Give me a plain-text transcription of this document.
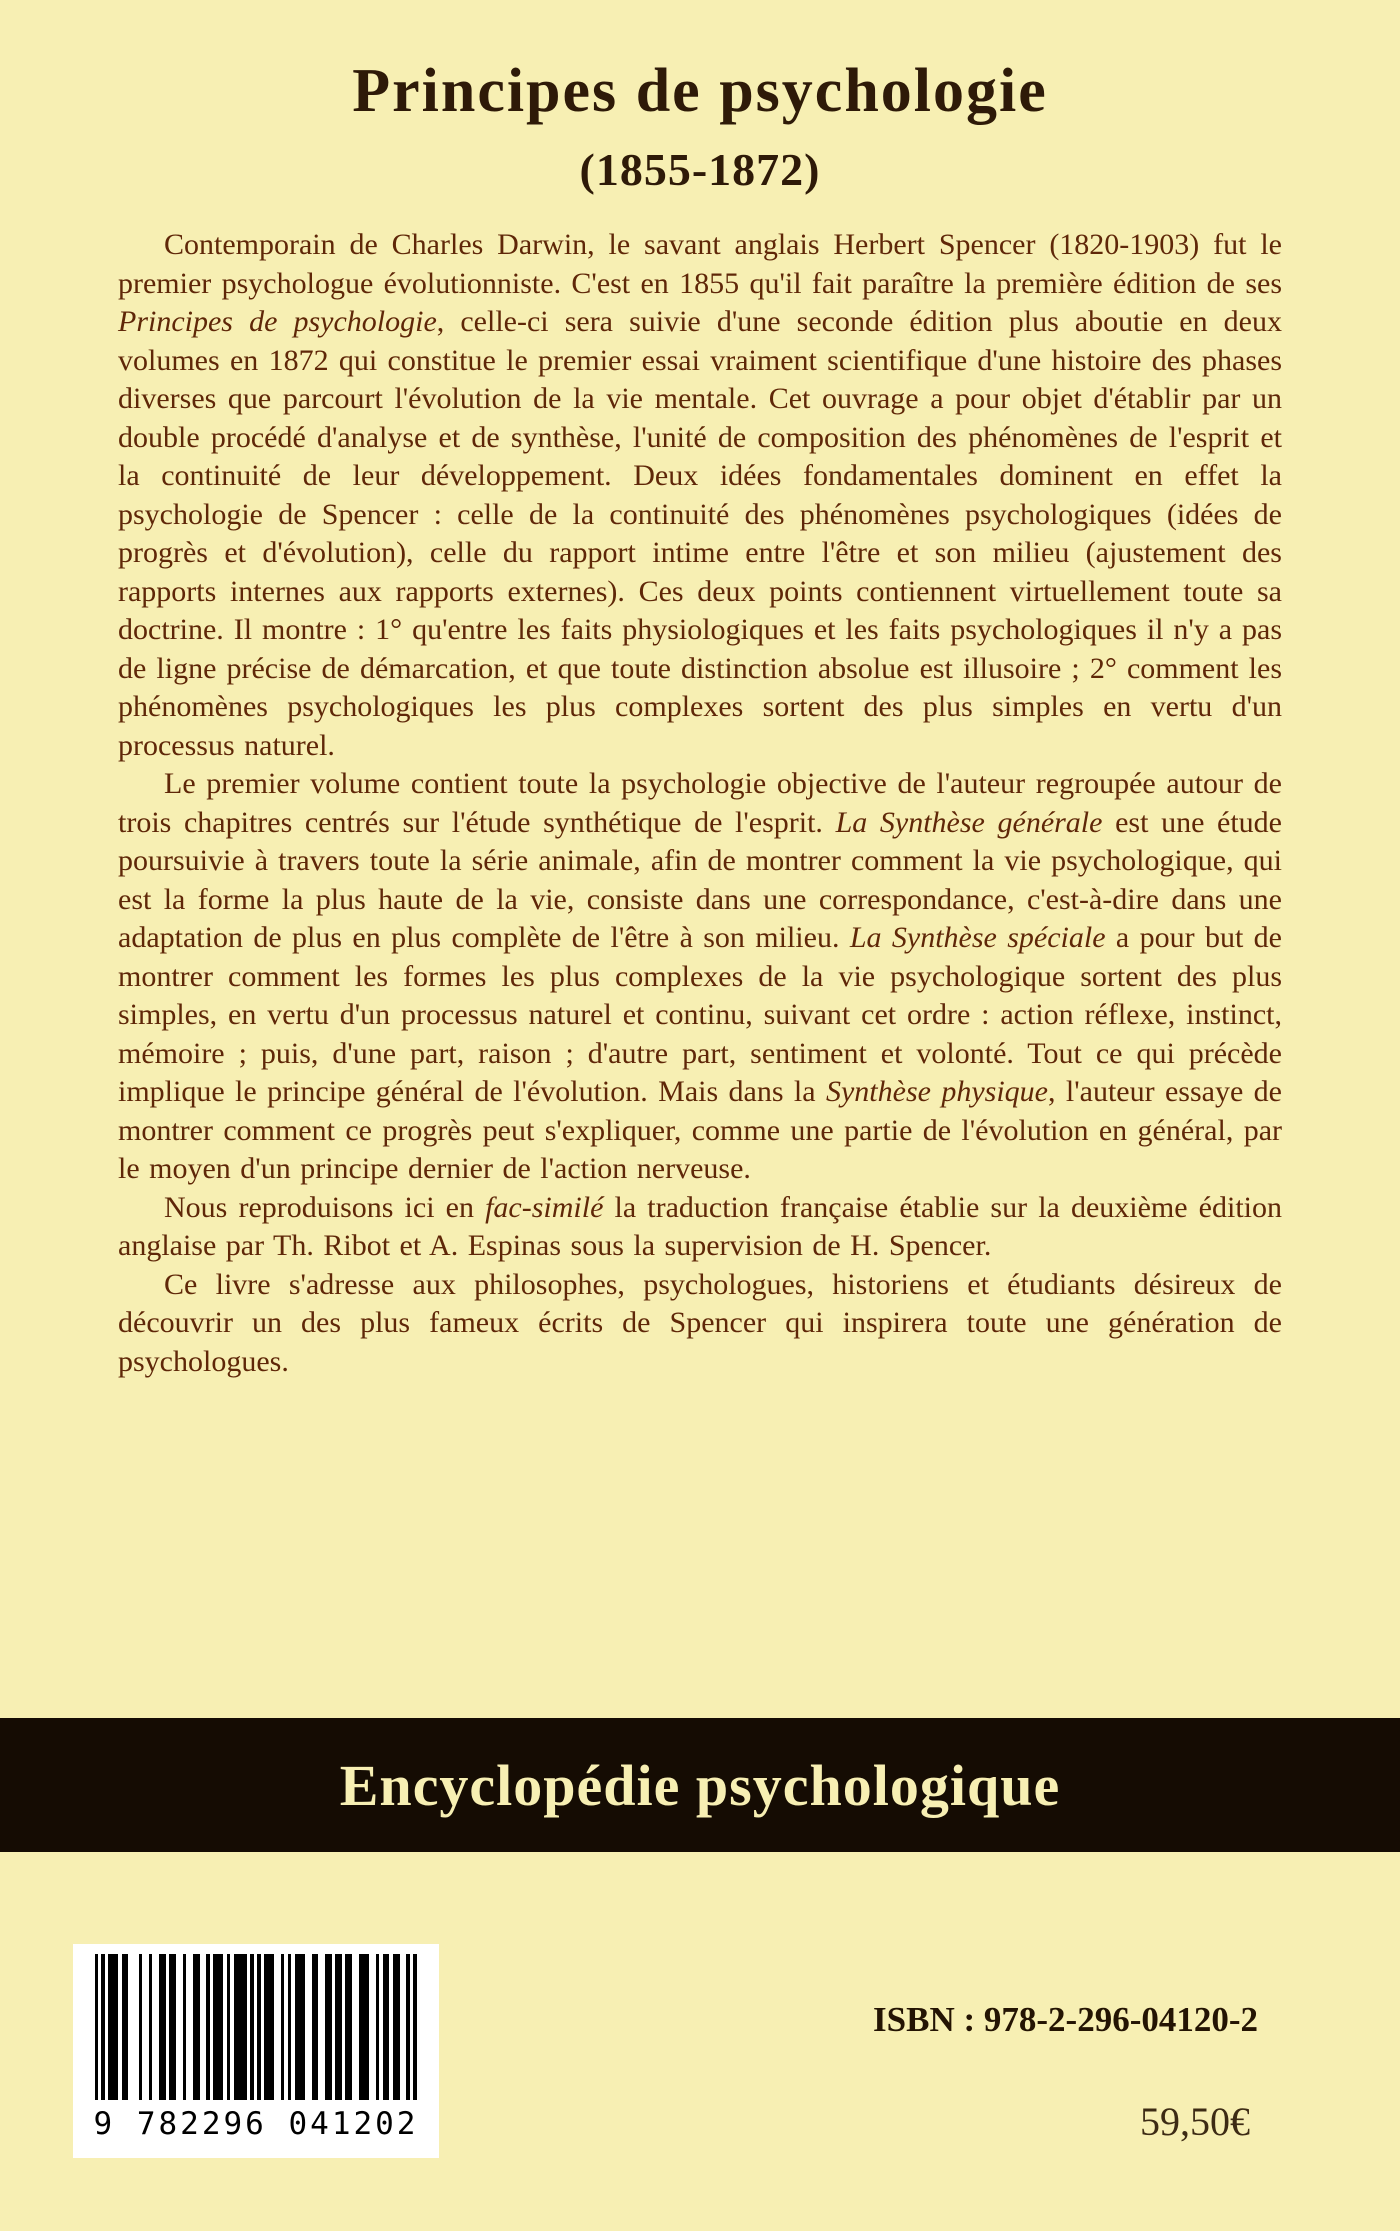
Principes de psychologie
(1855-1872)

Contemporain de Charles Darwin, le savant anglais Herbert Spencer (1820-1903) fut le premier psychologue évolutionniste. C'est en 1855 qu'il fait paraître la première édition de ses Principes de psychologie, celle-ci sera suivie d'une seconde édition plus aboutie en deux volumes en 1872 qui constitue le premier essai vraiment scientifique d'une histoire des phases diverses que parcourt l'évolution de la vie mentale. Cet ouvrage a pour objet d'établir par un double procédé d'analyse et de synthèse, l'unité de composition des phénomènes de l'esprit et la continuité de leur développement. Deux idées fondamentales dominent en effet la psychologie de Spencer : celle de la continuité des phénomènes psychologiques (idées de progrès et d'évolution), celle du rapport intime entre l'être et son milieu (ajustement des rapports internes aux rapports externes). Ces deux points contiennent virtuellement toute sa doctrine. Il montre : 1° qu'entre les faits physiologiques et les faits psychologiques il n'y a pas de ligne précise de démarcation, et que toute distinction absolue est illusoire ; 2° comment les phénomènes psychologiques les plus complexes sortent des plus simples en vertu d'un processus naturel.

Le premier volume contient toute la psychologie objective de l'auteur regroupée autour de trois chapitres centrés sur l'étude synthétique de l'esprit. La Synthèse générale est une étude poursuivie à travers toute la série animale, afin de montrer comment la vie psychologique, qui est la forme la plus haute de la vie, consiste dans une correspondance, c'est-à-dire dans une adaptation de plus en plus complète de l'être à son milieu. La Synthèse spéciale a pour but de montrer comment les formes les plus complexes de la vie psychologique sortent des plus simples, en vertu d'un processus naturel et continu, suivant cet ordre : action réflexe, instinct, mémoire ; puis, d'une part, raison ; d'autre part, sentiment et volonté. Tout ce qui précède implique le principe général de l'évolution. Mais dans la Synthèse physique, l'auteur essaye de montrer comment ce progrès peut s'expliquer, comme une partie de l'évolution en général, par le moyen d'un principe dernier de l'action nerveuse.

Nous reproduisons ici en fac-similé la traduction française établie sur la deuxième édition anglaise par Th. Ribot et A. Espinas sous la supervision de H. Spencer.

Ce livre s'adresse aux philosophes, psychologues, historiens et étudiants désireux de découvrir un des plus fameux écrits de Spencer qui inspirera toute une génération de psychologues.

Encyclopédie psychologique
9 782296 041202
ISBN : 978-2-296-04120-2
59,50€
